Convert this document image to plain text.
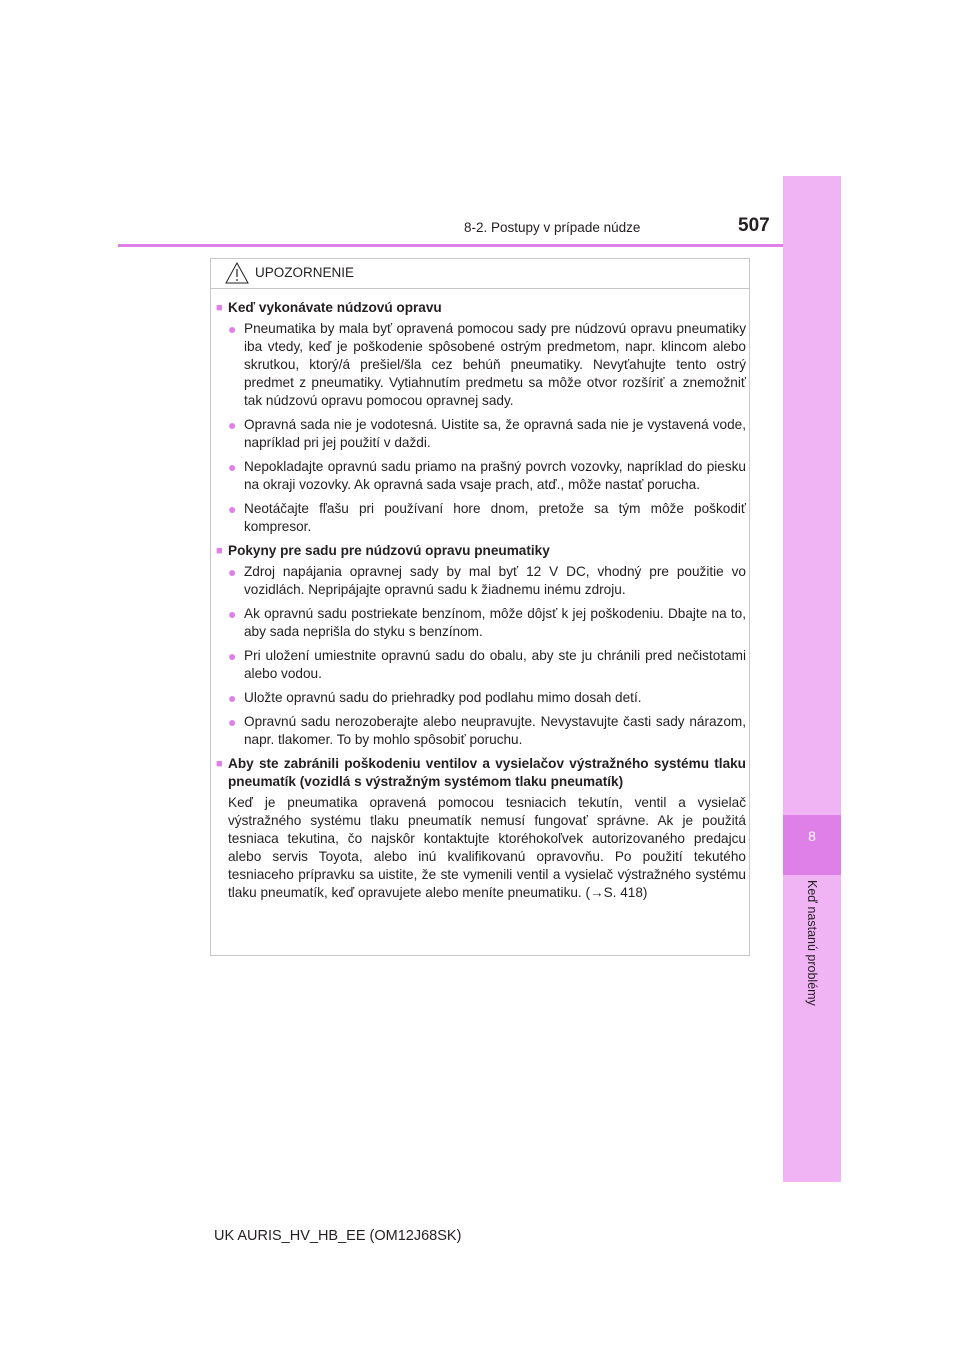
8
Keď nastanú problémy
8-2. Postupy v prípade núdze	507
UPOZORNENIE
■ Keď vykonávate núdzovú opravu
● Pneumatika by mala byť opravená pomocou sady pre núdzovú opravu pneumatiky iba vtedy, keď je poškodenie spôsobené ostrým predmetom, napr. klincom alebo skrutkou, ktorý/á prešiel/šla cez behúň pneumatiky. Nevyťahujte tento ostrý predmet z pneumatiky. Vytiahnutím predmetu sa môže otvor rozšíriť a znemožniť tak núdzovú opravu pomocou opravnej sady.
● Opravná sada nie je vodotesná. Uistite sa, že opravná sada nie je vystavená vode, napríklad pri jej použití v daždi.
● Nepokladajte opravnú sadu priamo na prašný povrch vozovky, napríklad do piesku na okraji vozovky. Ak opravná sada vsaje prach, atď., môže nastať porucha.
● Neotáčajte fľašu pri používaní hore dnom, pretože sa tým môže poškodiť kompresor.
■ Pokyny pre sadu pre núdzovú opravu pneumatiky
● Zdroj napájania opravnej sady by mal byť 12 V DC, vhodný pre použitie vo vozidlách. Nepripájajte opravnú sadu k žiadnemu inému zdroju.
● Ak opravnú sadu postriekate benzínom, môže dôjsť k jej poškodeniu. Dbajte na to, aby sada neprišla do styku s benzínom.
● Pri uložení umiestnite opravnú sadu do obalu, aby ste ju chránili pred nečistotami alebo vodou.
● Uložte opravnú sadu do priehradky pod podlahu mimo dosah detí.
● Opravnú sadu nerozoberajte alebo neupravujte. Nevystavujte časti sady nárazom, napr. tlakomer. To by mohlo spôsobiť poruchu.
■ Aby ste zabránili poškodeniu ventilov a vysielačov výstražného systému tlaku pneumatík (vozidlá s výstražným systémom tlaku pneumatík)
Keď je pneumatika opravená pomocou tesniacich tekutín, ventil a vysielač výstražného systému tlaku pneumatík nemusí fungovať správne. Ak je použitá tesniaca tekutina, čo najskôr kontaktujte ktoréhokoľvek autorizovaného predajcu alebo servis Toyota, alebo inú kvalifikovanú opravovňu. Po použití tekutého tesniaceho prípravku sa uistite, že ste vymenili ventil a vysielač výstražného systému tlaku pneumatík, keď opravujete alebo meníte pneumatiku. (→S. 418)
UK AURIS_HV_HB_EE (OM12J68SK)
